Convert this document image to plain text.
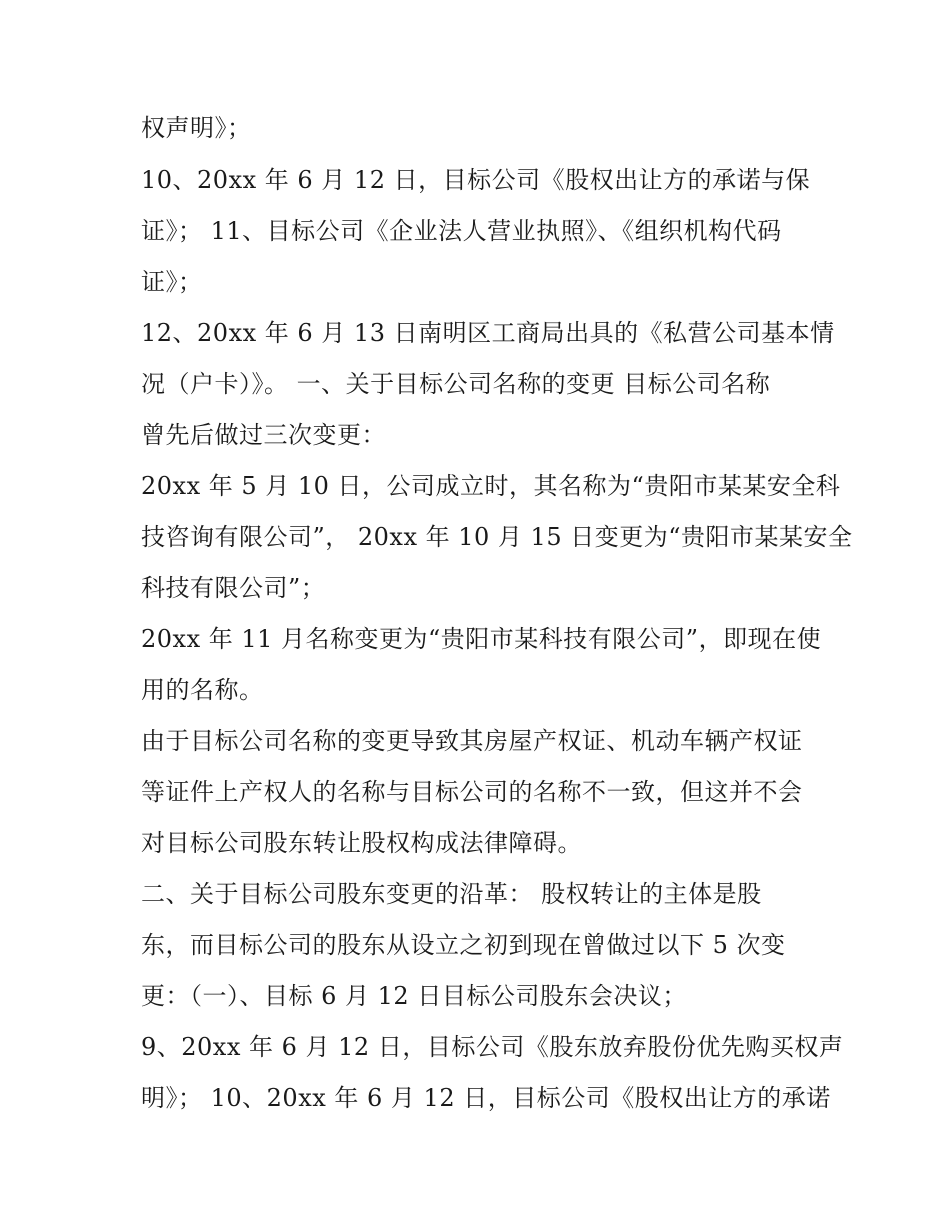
权声明》；
10、20xx 年 6 月 12 日，目标公司《股权出让方的承诺与保
证》； 11、目标公司《企业法人营业执照》、《组织机构代码
证》；
12、20xx 年 6 月 13 日南明区工商局出具的《私营公司基本情
况（户卡）》。 一、关于目标公司名称的变更 目标公司名称
曾先后做过三次变更：
20xx 年 5 月 10 日，公司成立时，其名称为“贵阳市某某安全科
技咨询有限公司”， 20xx 年 10 月 15 日变更为“贵阳市某某安全
科技有限公司”；
20xx 年 11 月名称变更为“贵阳市某科技有限公司”，即现在使
用的名称。
由于目标公司名称的变更导致其房屋产权证、机动车辆产权证
等证件上产权人的名称与目标公司的名称不一致，但这并不会
对目标公司股东转让股权构成法律障碍。
二、关于目标公司股东变更的沿革： 股权转让的主体是股
东，而目标公司的股东从设立之初到现在曾做过以下 5 次变
更：（一）、目标 6 月 12 日目标公司股东会决议；
9、20xx 年 6 月 12 日，目标公司《股东放弃股份优先购买权声
明》； 10、20xx 年 6 月 12 日，目标公司《股权出让方的承诺
